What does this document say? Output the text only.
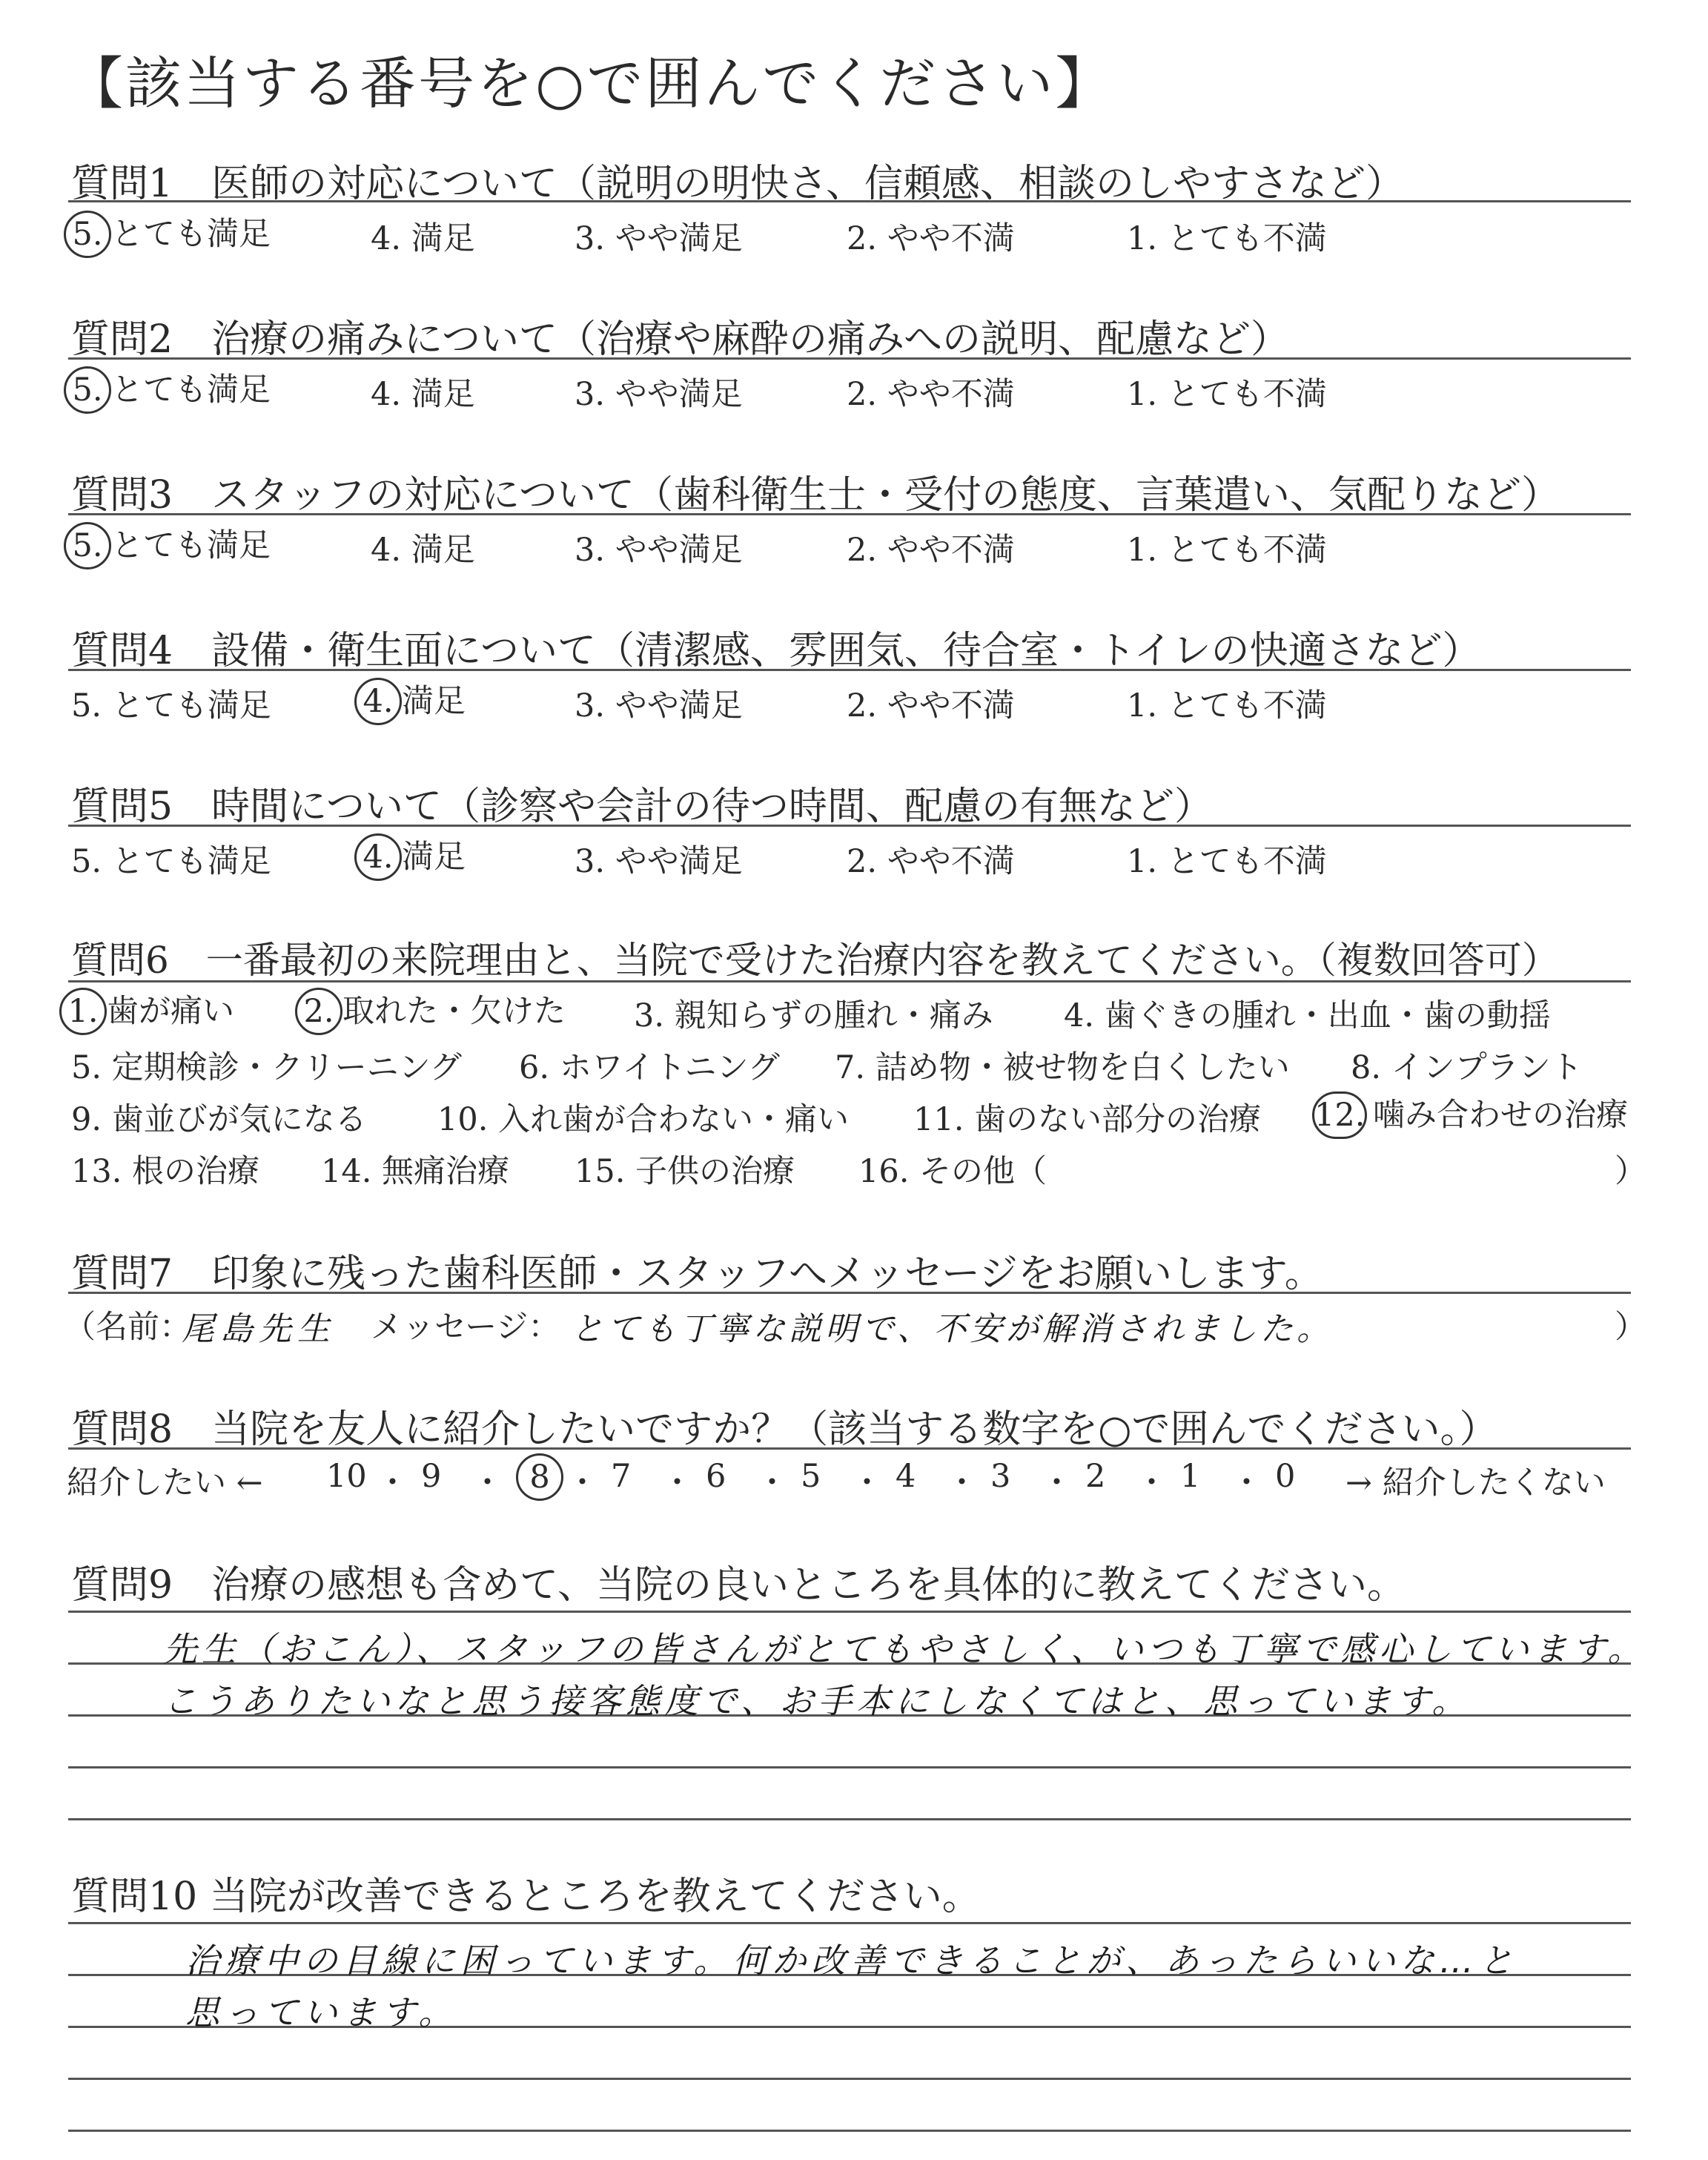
【該当する番号を○で囲んでください】
質問1　医師の対応について（説明の明快さ、信頼感、相談のしやすさなど）
5. とても満足	4. 満足	3. やや満足	2. やや不満	1. とても不満
質問2　治療の痛みについて（治療や麻酔の痛みへの説明、配慮など）
5. とても満足	4. 満足	3. やや満足	2. やや不満	1. とても不満
質問3　スタッフの対応について（歯科衛生士・受付の態度、言葉遣い、気配りなど）
5. とても満足	4. 満足	3. やや満足	2. やや不満	1. とても不満
質問4　設備・衛生面について（清潔感、雰囲気、待合室・トイレの快適さなど）
5. とても満足	4. 満足	3. やや満足	2. やや不満	1. とても不満
質問5　時間について（診察や会計の待つ時間、配慮の有無など）
5. とても満足	4. 満足	3. やや満足	2. やや不満	1. とても不満
質問6　一番最初の来院理由と、当院で受けた治療内容を教えてください。（複数回答可）
1. 歯が痛い 2. 取れた・欠けた 3. 親知らずの腫れ・痛み 4. 歯ぐきの腫れ・出血・歯の動揺
5. 定期検診・クリーニング 6. ホワイトニング 7. 詰め物・被せ物を白くしたい 8. インプラント
9. 歯並びが気になる 10. 入れ歯が合わない・痛い 11. 歯のない部分の治療 12. 噛み合わせの治療
13. 根の治療 14. 無痛治療 15. 子供の治療 16. その他（	）
質問7　印象に残った歯科医師・スタッフへメッセージをお願いします。
（名前：
尾島先生 メッセージ： とても丁寧な説明で、不安が解消されました。	）
質問8　当院を友人に紹介したいですか？（該当する数字を○で囲んでください。）
紹介したい ← 10 ・ 9 ・ 8 ・ 7 ・ 6 ・ 5 ・ 4 ・ 3 ・ 2 ・ 1 ・ 0 → 紹介したくない
質問9　治療の感想も含めて、当院の良いところを具体的に教えてください。
先生（おこん）、スタッフの皆さんがとてもやさしく、いつも丁寧で感心しています。
こうありたいなと思う接客態度で、お手本にしなくてはと、思っています。
質問10 当院が改善できるところを教えてください。
治療中の目線に困っています。何か改善できることが、あったらいいな…と
思っています。
